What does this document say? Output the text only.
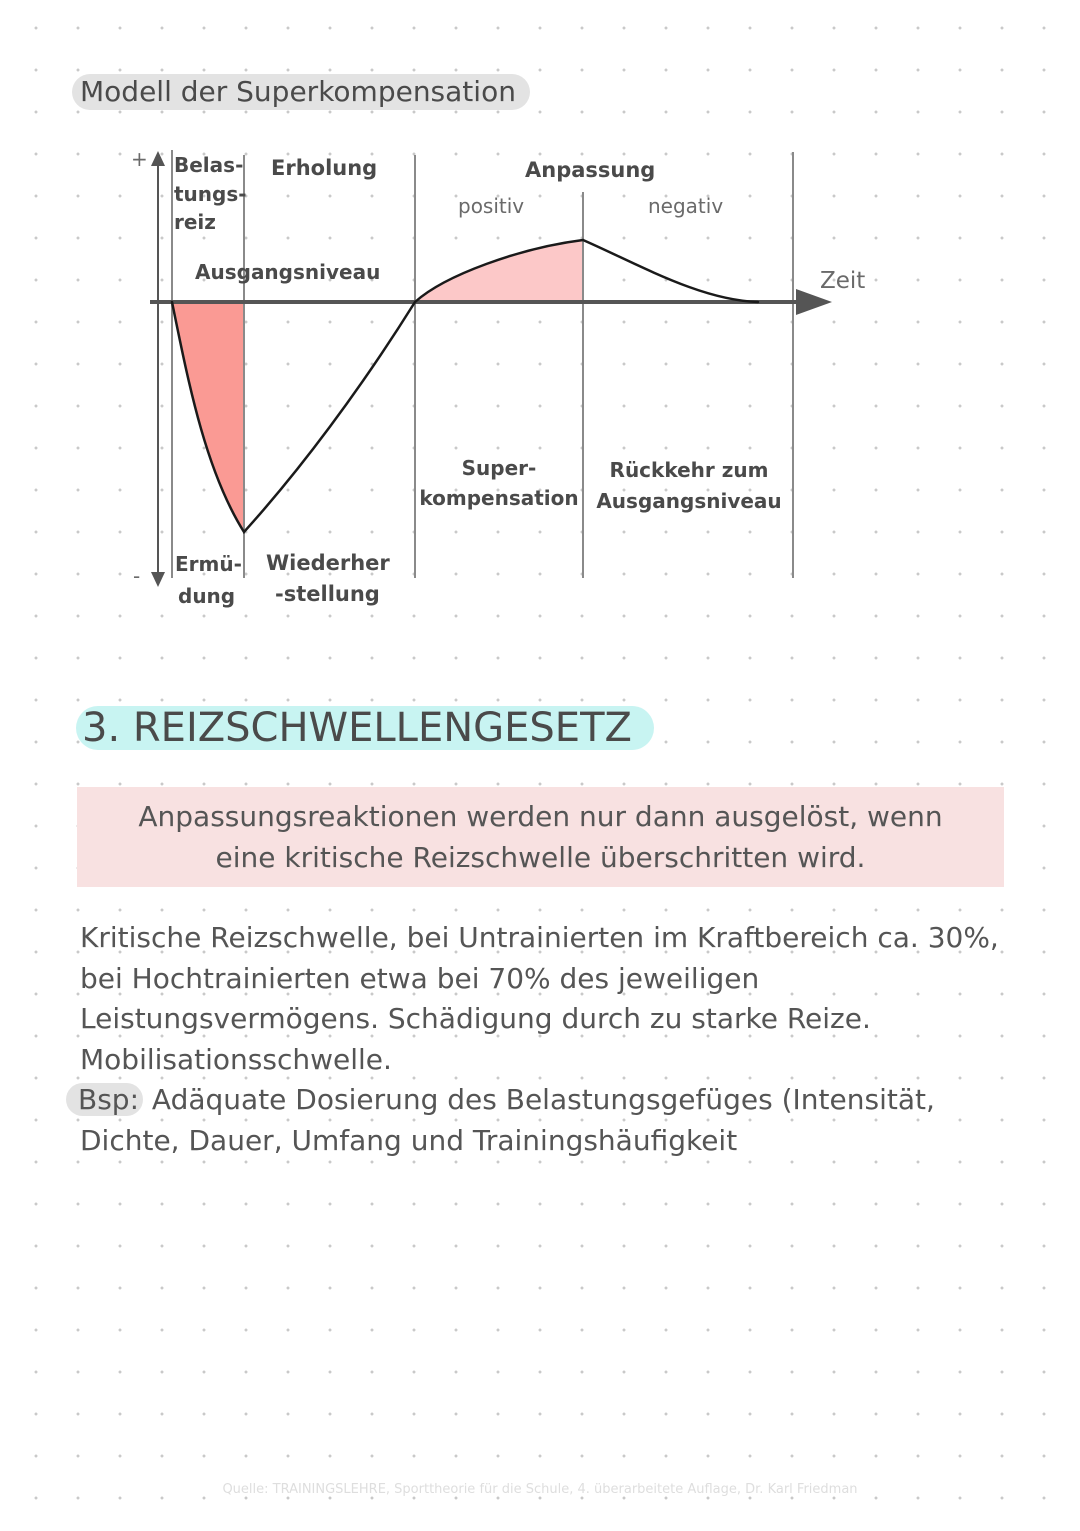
Modell der Superkompensation
+
-
Belas-
tungs-
reiz
Erholung	Anpassung
positiv	negativ
Ausgangsniveau	Zeit
Super-
kompensation
Rückkehr zum
Ausgangsniveau
Ermü-
dung
Wiederher
-stellung
3. REIZSCHWELLENGESETZ
Anpassungsreaktionen werden nur dann ausgelöst, wenn eine kritische Reizschwelle überschritten wird.
Kritische Reizschwelle, bei Untrainierten im Kraftbereich ca. 30%, bei Hochtrainierten etwa bei 70% des jeweiligen Leistungsvermögens. Schädigung durch zu starke Reize. Mobilisationsschwelle.
Bsp: Adäquate Dosierung des Belastungsgefüges (Intensität, Dichte, Dauer, Umfang und Trainingshäufigkeit
Quelle: TRAININGSLEHRE, Sporttheorie für die Schule, 4. überarbeitete Auflage, Dr. Karl Friedman
